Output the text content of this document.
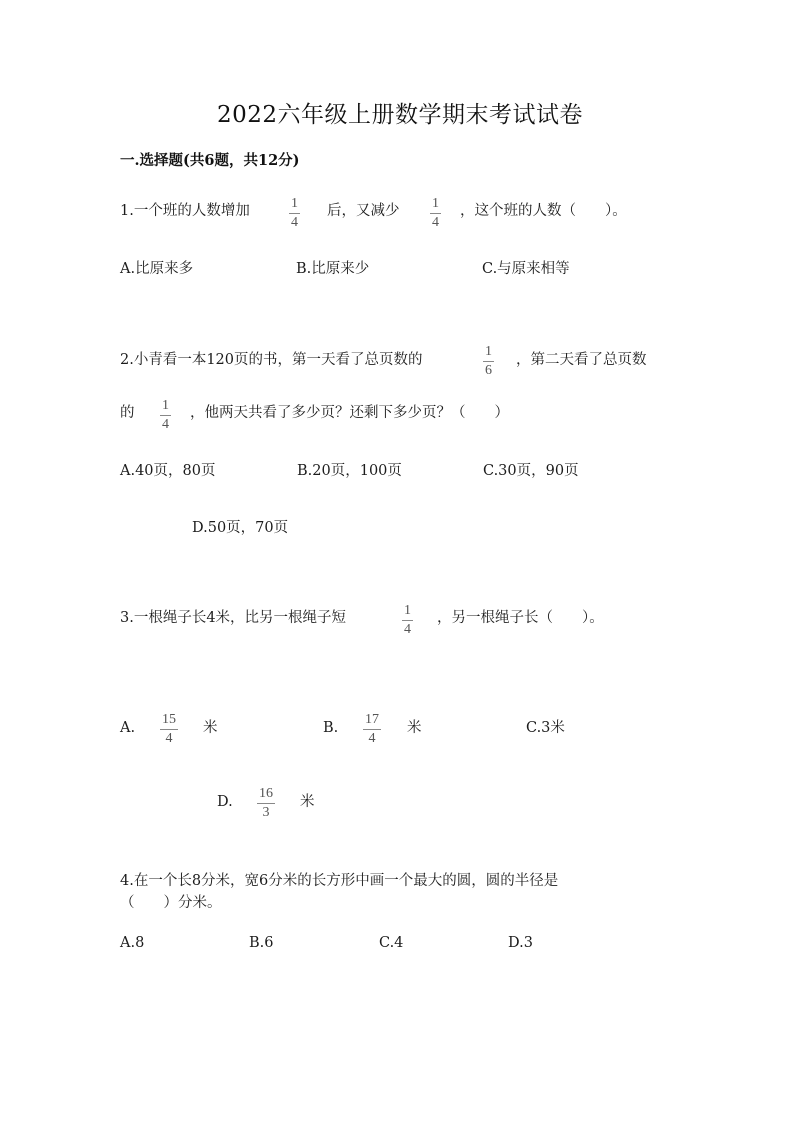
2022六年级上册数学期末考试试卷
一.选择题(共6题，共12分)
1.一个班的人数增加	$\frac{1}{4}$ 后，又减少 $\frac{1}{4}$ ，这个班的人数（　　）。
A.比原来多	B.比原来少	C.与原来相等
2.小青看一本120页的书，第一天看了总页数的	$\frac{1}{6}$ ，第二天看了总页数
的 $\frac{1}{4}$ ，他两天共看了多少页？还剩下多少页？（　　）
A.40页，80页	B.20页，100页	C.30页，90页
D.50页，70页
3.一根绳子长4米，比另一根绳子短	$\frac{1}{4}$ ，另一根绳子长（　　）。
A. $\frac{15}{4}$ 米	B. $\frac{17}{4}$ 米	C.3米
D. $\frac{16}{3}$ 米
4.在一个长8分米，宽6分米的长方形中画一个最大的圆，圆的半径是
（　　）分米。
A.8	B.6	C.4	D.3
